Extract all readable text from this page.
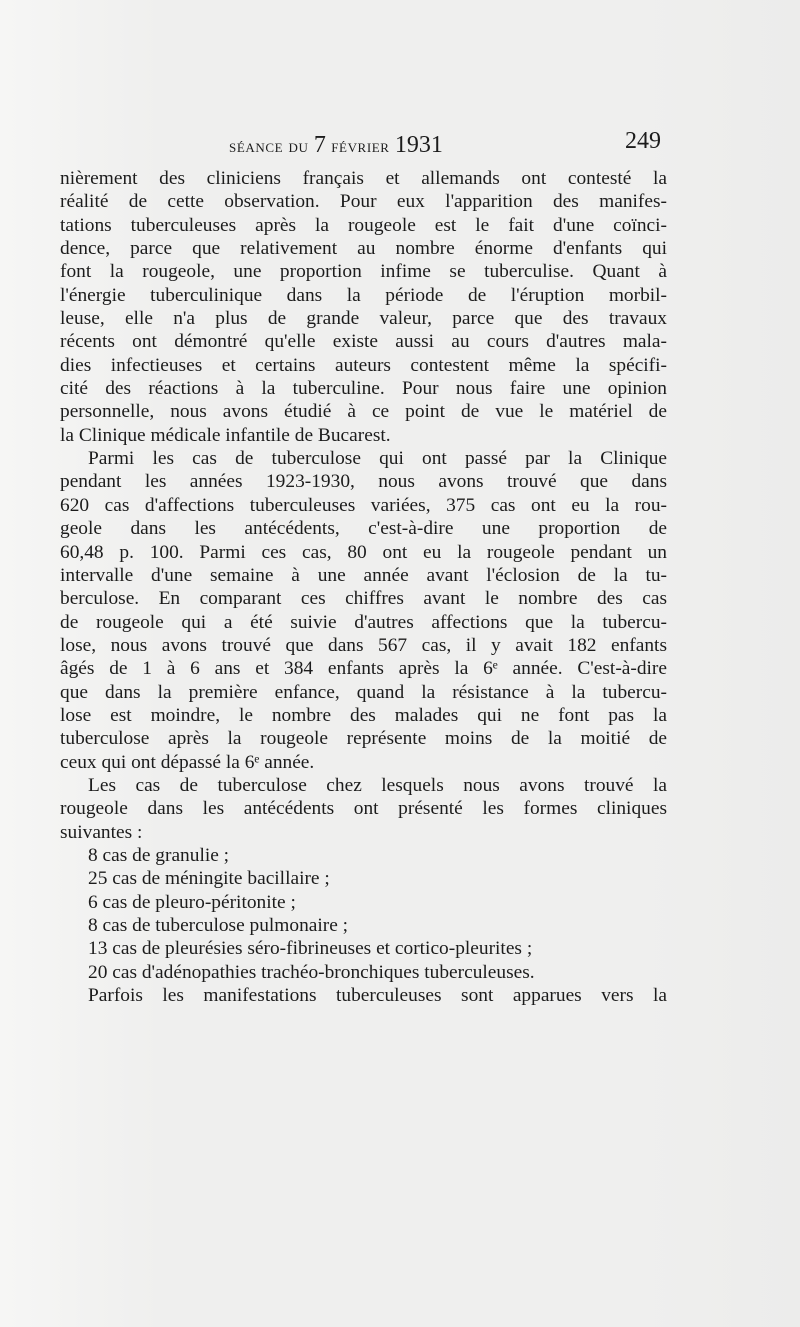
séance du 7 février 1931	249
nièrement des cliniciens français et allemands ont contesté la
réalité de cette observation. Pour eux l'apparition des manifes-
tations tuberculeuses après la rougeole est le fait d'une coïnci-
dence, parce que relativement au nombre énorme d'enfants qui
font la rougeole, une proportion infime se tuberculise. Quant à
l'énergie tuberculinique dans la période de l'éruption morbil-
leuse, elle n'a plus de grande valeur, parce que des travaux
récents ont démontré qu'elle existe aussi au cours d'autres mala-
dies infectieuses et certains auteurs contestent même la spécifi-
cité des réactions à la tuberculine. Pour nous faire une opinion
personnelle, nous avons étudié à ce point de vue le matériel de
la Clinique médicale infantile de Bucarest.
Parmi les cas de tuberculose qui ont passé par la Clinique
pendant les années 1923-1930, nous avons trouvé que dans
620 cas d'affections tuberculeuses variées, 375 cas ont eu la rou-
geole dans les antécédents, c'est-à-dire une proportion de
60,48 p. 100. Parmi ces cas, 80 ont eu la rougeole pendant un
intervalle d'une semaine à une année avant l'éclosion de la tu-
berculose. En comparant ces chiffres avant le nombre des cas
de rougeole qui a été suivie d'autres affections que la tubercu-
lose, nous avons trouvé que dans 567 cas, il y avait 182 enfants
âgés de 1 à 6 ans et 384 enfants après la 6ᵉ année. C'est-à-dire
que dans la première enfance, quand la résistance à la tubercu-
lose est moindre, le nombre des malades qui ne font pas la
tuberculose après la rougeole représente moins de la moitié de
ceux qui ont dépassé la 6ᵉ année.
Les cas de tuberculose chez lesquels nous avons trouvé la
rougeole dans les antécédents ont présenté les formes cliniques
suivantes :
8 cas de granulie ;
25 cas de méningite bacillaire ;
6 cas de pleuro-péritonite ;
8 cas de tuberculose pulmonaire ;
13 cas de pleurésies séro-fibrineuses et cortico-pleurites ;
20 cas d'adénopathies trachéo-bronchiques tuberculeuses.
Parfois les manifestations tuberculeuses sont apparues vers la
